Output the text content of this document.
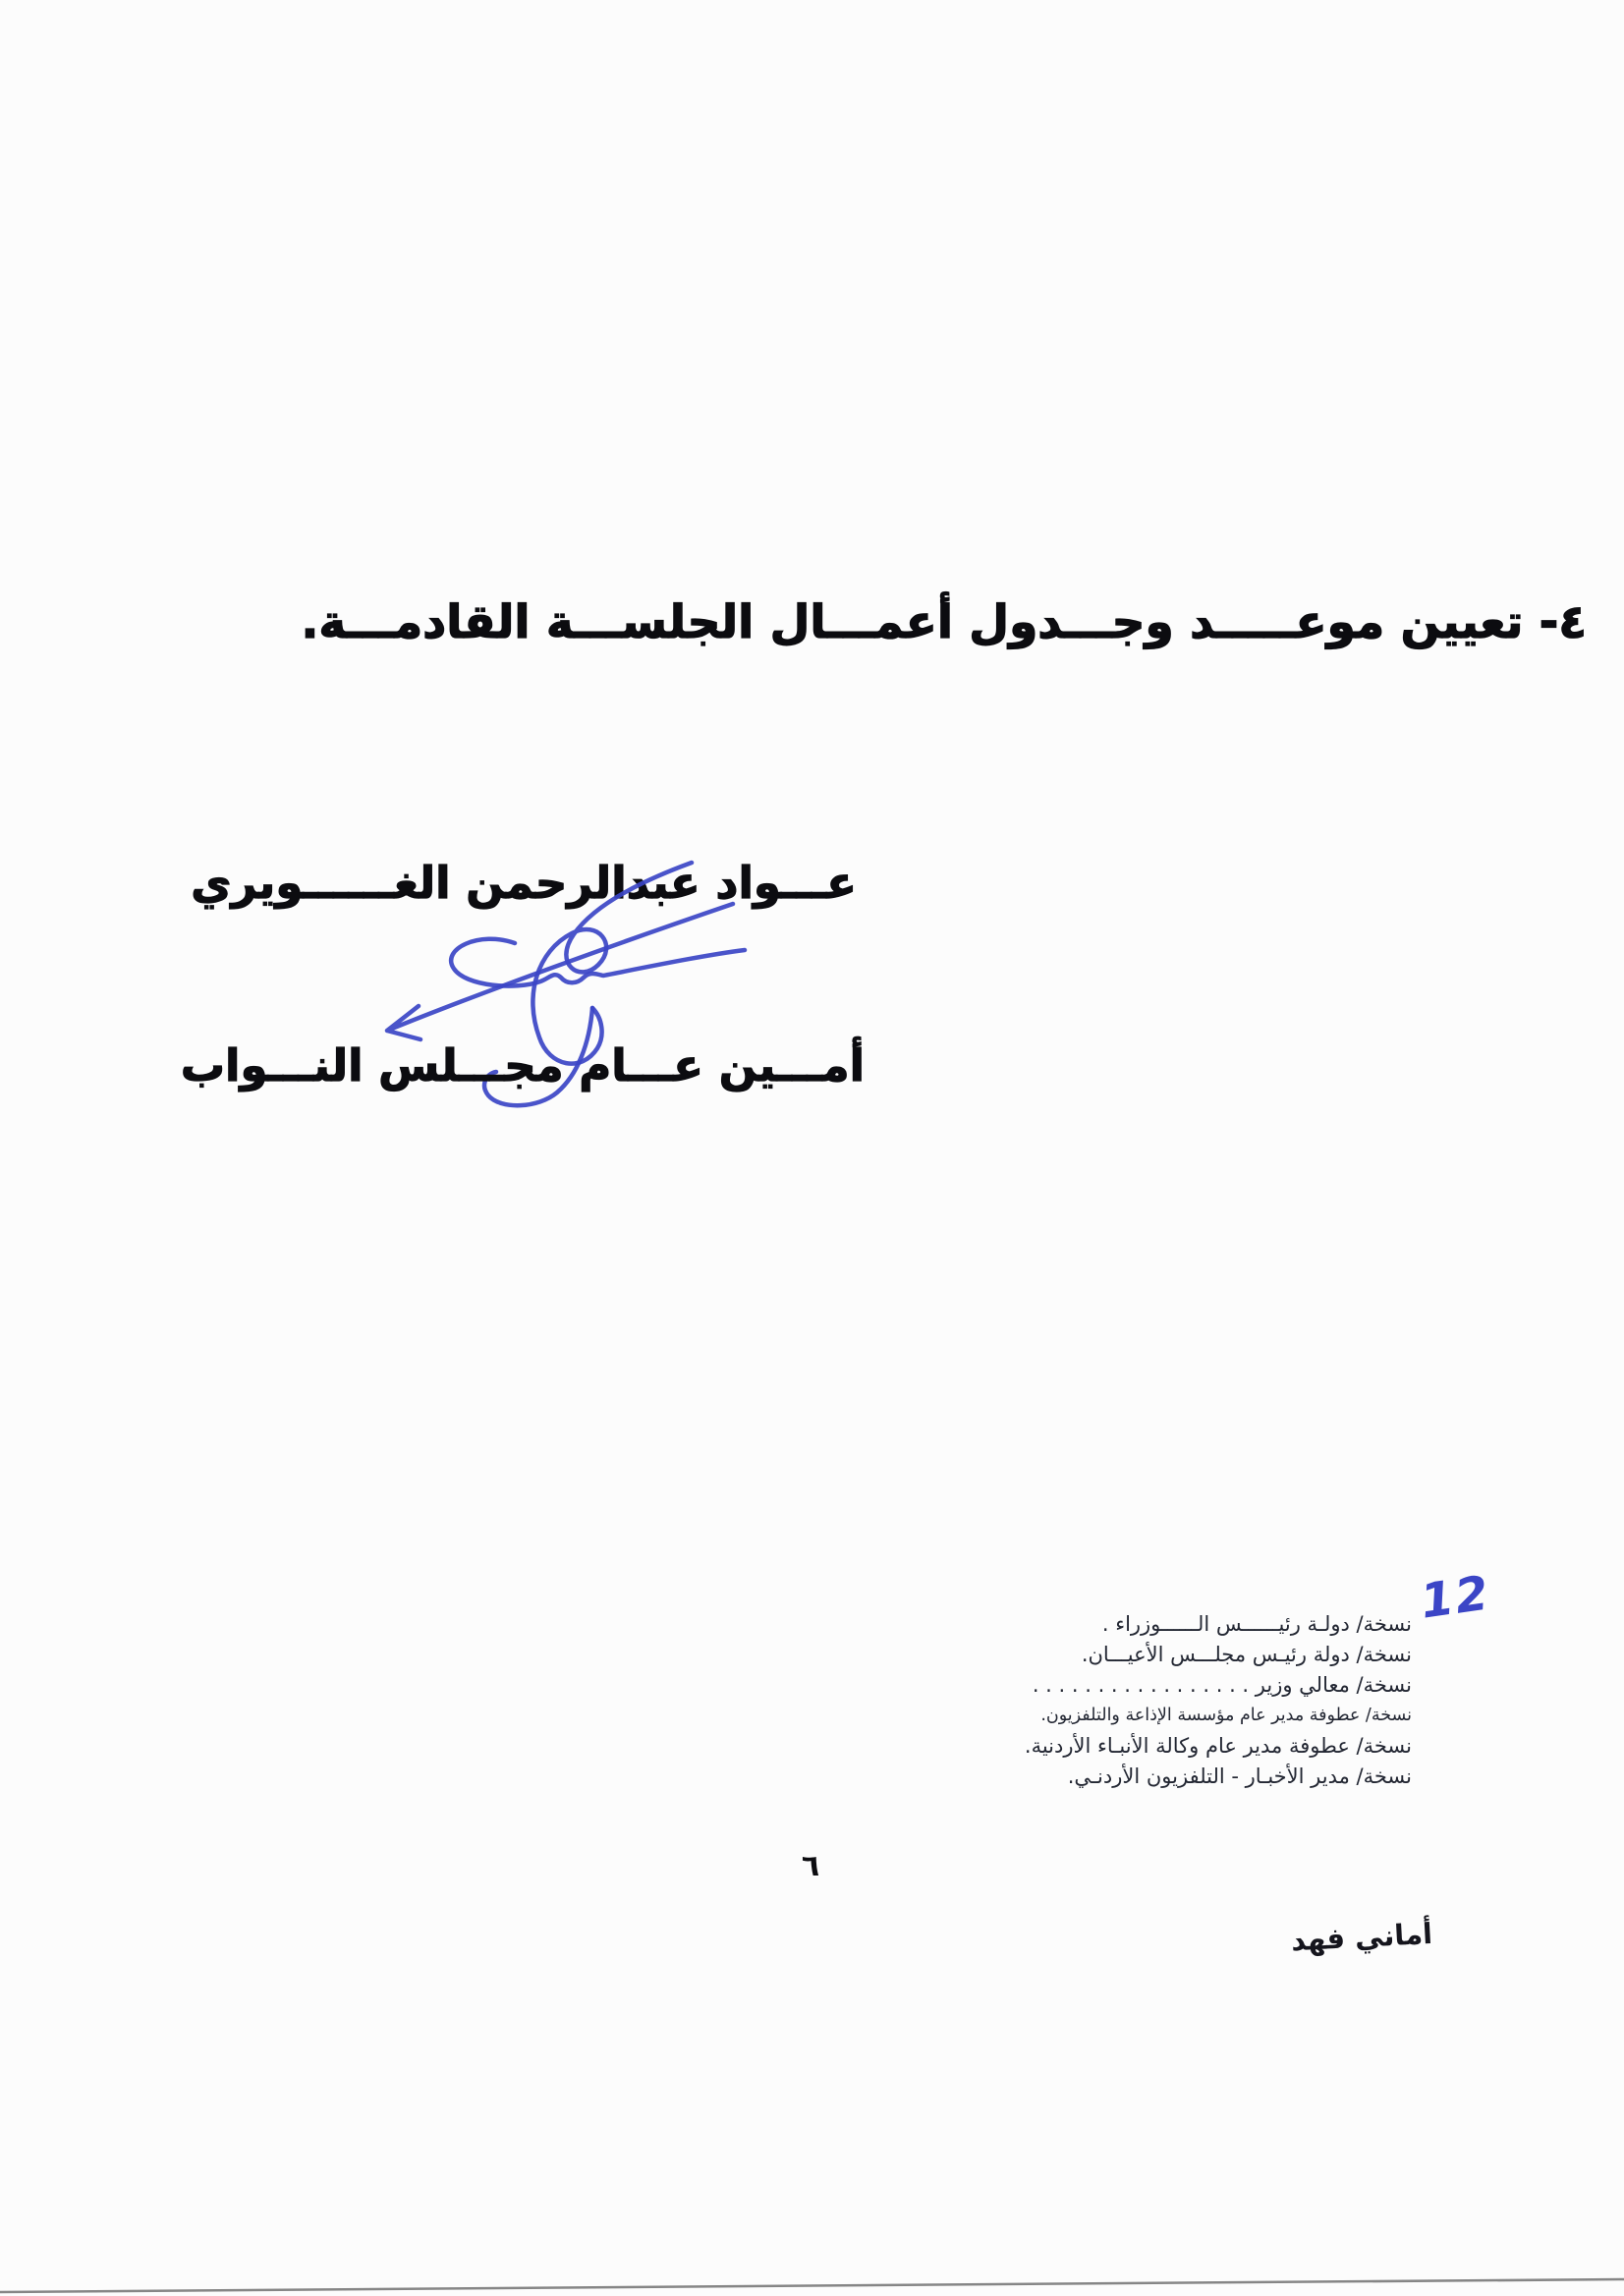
٤- تعيين موعـــــد وجـــدول أعمـــال الجلســـة القادمـــة.
عـــواد عبدالرحمن الغــــــويري
أمـــين عـــام مجـــلس النـــواب
12
نسخة/ دولـة رئيــــــس الــــــوزراء .
نسخة/ دولة رئيـس مجلـــس الأعيـــان.
نسخة/ معالي وزير . . . . . . . . . . . . . . . . .
نسخة/ عطوفة مدير عام مؤسسة الإذاعة والتلفزيون.
نسخة/ عطوفة مدير عام وكالة الأنبـاء الأردنية.
نسخة/ مدير الأخبـار - التلفزيون الأردنـي.
٦
أماني فهد
